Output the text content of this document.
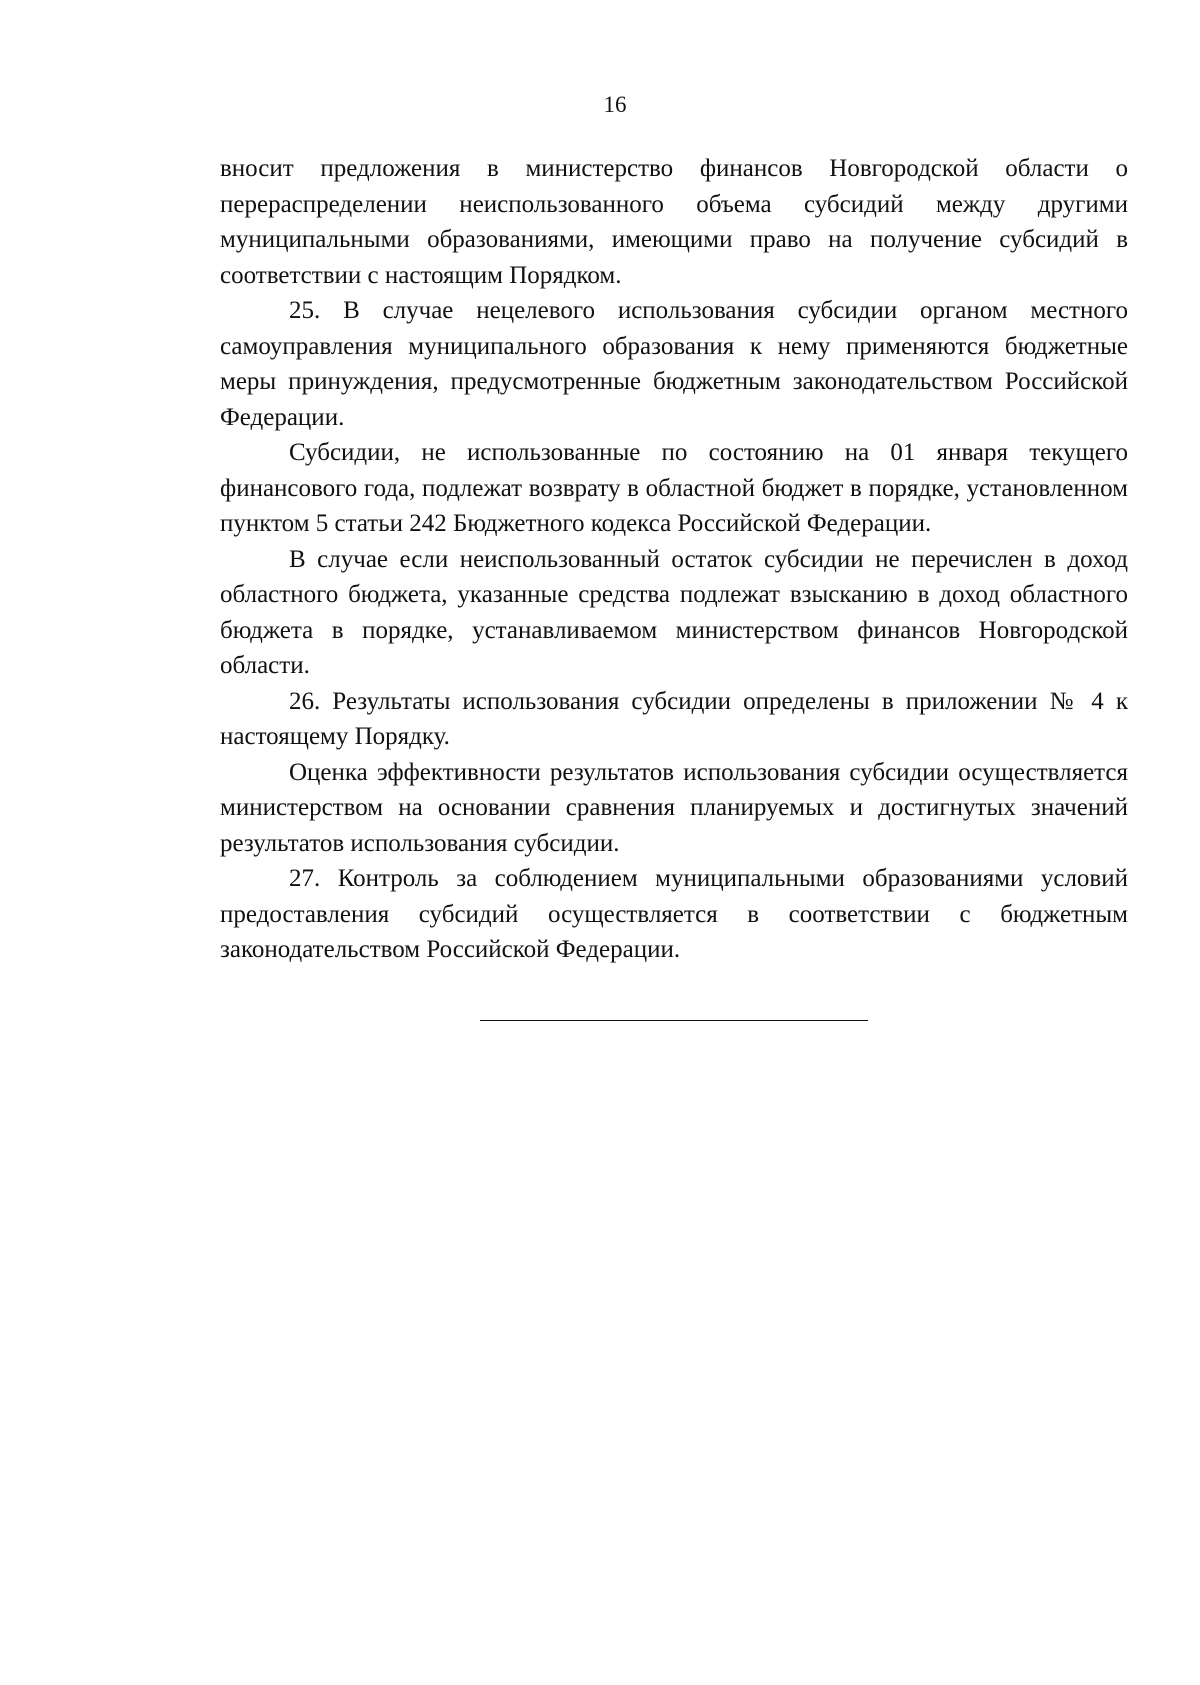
16

вносит предложения в министерство финансов Новгородской области о перераспределении неиспользованного объема субсидий между другими муниципальными образованиями, имеющими право на получение субсидий в соответствии с настоящим Порядком.

25. В случае нецелевого использования субсидии органом местного самоуправления муниципального образования к нему применяются бюджетные меры принуждения, предусмотренные бюджетным законодательством Российской Федерации.

Субсидии, не использованные по состоянию на 01 января текущего финансового года, подлежат возврату в областной бюджет в порядке, установленном пунктом 5 статьи 242 Бюджетного кодекса Российской Федерации.

В случае если неиспользованный остаток субсидии не перечислен в доход областного бюджета, указанные средства подлежат взысканию в доход областного бюджета в порядке, устанавливаемом министерством финансов Новгородской области.

26. Результаты использования субсидии определены в приложении № 4 к настоящему Порядку.

Оценка эффективности результатов использования субсидии осуществляется министерством на основании сравнения планируемых и достигнутых значений результатов использования субсидии.

27. Контроль за соблюдением муниципальными образованиями условий предоставления субсидий осуществляется в соответствии с бюджетным законодательством Российской Федерации.
